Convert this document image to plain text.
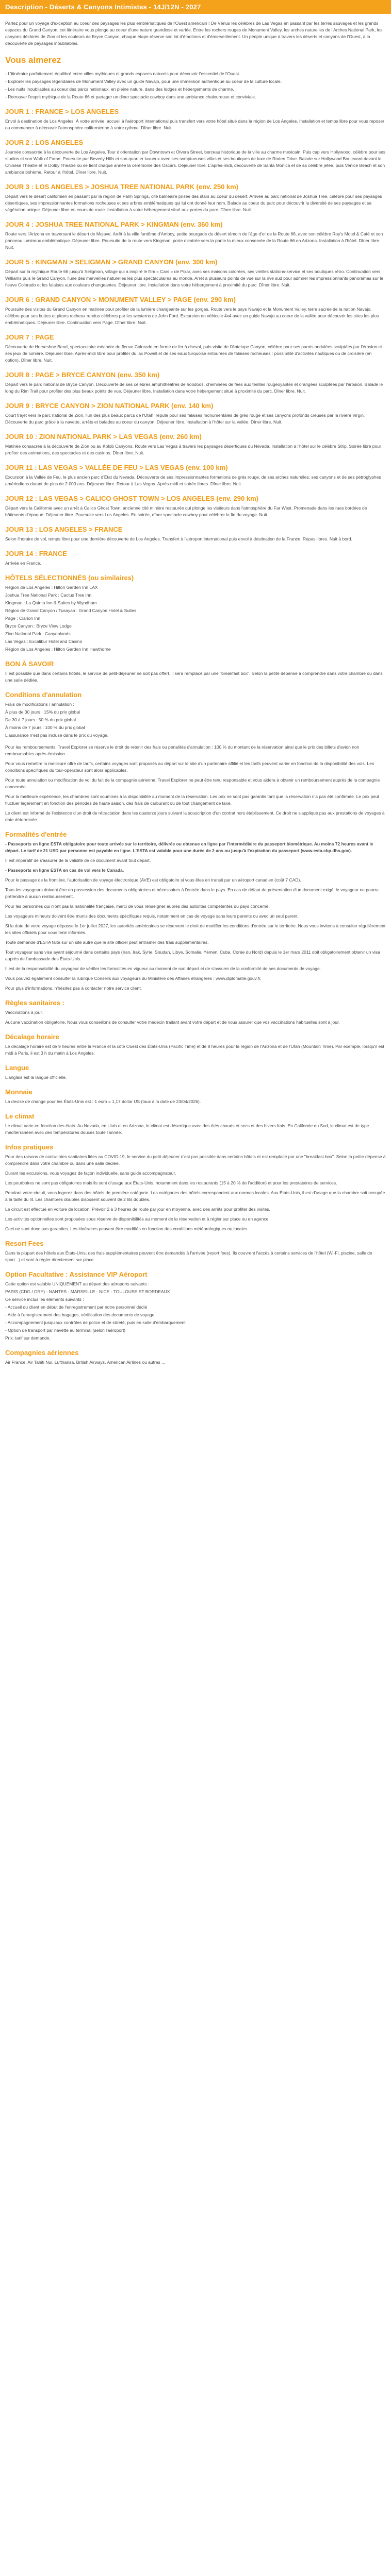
Description - Déserts & Canyons Intimistes - 14J/12N - 2027

Partez pour un voyage d'exception au coeur des paysages les plus emblématiques de l'Ouest américain ! De Vénus les célèbres de Las Vegas en passant par les terres sauvages et les grands espaces du Grand Canyon, cet itinéraire vous plonge au coeur d'une nature grandiose et variée. Entre les rochers rouges de Monument Valley, les arches naturelles de l'Arches National Park, les canyons déchirés de Zion et les couleurs de Bryce Canyon, chaque étape réserve son lot d'émotions et d'émerveillement. Un périple unique à travers les déserts et canyons de l'Ouest, à la découverte de paysages inoubliables.

Vous aimerez

- L'itinéraire parfaitement équilibré entre villes mythiques et grands espaces naturels pour découvrir l'essentiel de l'Ouest.

- Explorer les paysages légendaires de Monument Valley avec un guide Navajo, pour une immersion authentique au coeur de la culture locale.

- Les nuits inoubliables au coeur des parcs nationaux, en pleine nature, dans des lodges et hébergements de charme.

- Retrouver l'esprit mythique de la Route 66 et partager un diner spectacle cowboy dans une ambiance chaleureuse et conviviale.

JOUR 1 : FRANCE > LOS ANGELES

Envol à destination de Los Angeles. À votre arrivée, accueil à l'aéroport international puis transfert vers votre hôtel situé dans la région de Los Angeles. Installation et temps libre pour vous reposer ou commencer à découvrir l'atmosphère californienne à votre rythme. Dîner libre. Nuit.

JOUR 2 : LOS ANGELES

Journée consacrée à la découverte de Los Angeles. Tour d'orientation par Downtown et Olvera Street, berceau historique de la ville au charme mexicain. Puis cap vers Hollywood, célèbre pour ses studios et son Walk of Fame. Poursuite par Beverly Hills et son quartier luxueux avec ses somptueuses villas et ses boutiques de luxe de Rodeo Drive. Balade sur Hollywood Boulevard devant le Chinese Theatre et le Dolby Theatre où se tient chaque année la cérémonie des Oscars. Déjeuner libre. L'après-midi, découverte de Santa Monica et de sa célèbre jetée, puis Venice Beach et son ambiance bohème. Retour à l'hôtel. Dîner libre. Nuit.

JOUR 3 : LOS ANGELES > JOSHUA TREE NATIONAL PARK (env. 250 km)

Départ vers le désert californien en passant par la région de Palm Springs, cité balnéaire prisée des stars au coeur du désert. Arrivée au parc national de Joshua Tree, célèbre pour ses paysages désertiques, ses impressionnantes formations rocheuses et ses arbres emblématiques qui lui ont donné leur nom. Balade au coeur du parc pour découvrir la diversité de ses paysages et sa végétation unique. Déjeuner libre en cours de route. Installation à votre hébergement situé aux portes du parc. Dîner libre. Nuit.

JOUR 4 : JOSHUA TREE NATIONAL PARK > KINGMAN (env. 360 km)

Route vers l'Arizona en traversant le désert de Mojave. Arrêt à la ville fantôme d'Amboy, petite bourgade du désert témoin de l'âge d'or de la Route 66, avec son célèbre Roy's Motel & Café et son panneau lumineux emblématique. Déjeuner libre. Poursuite de la route vers Kingman, porte d'entrée vers la partie la mieux conservée de la Route 66 en Arizona. Installation à l'hôtel. Dîner libre. Nuit.

JOUR 5 : KINGMAN > SELIGMAN > GRAND CANYON (env. 300 km)

Départ sur la mythique Route 66 jusqu'à Seligman, village qui a inspiré le film « Cars » de Pixar, avec ses maisons colorées, ses vieilles stations-service et ses boutiques rétro. Continuation vers Williams puis le Grand Canyon, l'une des merveilles naturelles les plus spectaculaires au monde. Arrêt à plusieurs points de vue sur la rive sud pour admirer les impressionnants panoramas sur le fleuve Colorado et les falaises aux couleurs changeantes. Déjeuner libre. Installation dans votre hébergement à proximité du parc. Dîner libre. Nuit.

JOUR 6 : GRAND CANYON > MONUMENT VALLEY > PAGE (env. 290 km)

Poursuite des visites du Grand Canyon en matinée pour profiter de la lumière changeante sur les gorges. Route vers le pays Navajo et la Monument Valley, terre sacrée de la nation Navajo, célèbre pour ses buttes et pitons rocheux rendus célèbres par les westerns de John Ford. Excursion en véhicule 4x4 avec un guide Navajo au coeur de la vallée pour découvrir les sites les plus emblématiques. Déjeuner libre. Continuation vers Page. Dîner libre. Nuit.

JOUR 7 : PAGE

Découverte de Horseshoe Bend, spectaculaire méandre du fleuve Colorado en forme de fer à cheval, puis visite de l'Antelope Canyon, célèbre pour ses parois ondulées sculptées par l'érosion et ses jeux de lumière. Déjeuner libre. Après-midi libre pour profiter du lac Powell et de ses eaux turquoise entourées de falaises rocheuses : possibilité d'activités nautiques ou de croisière (en option). Dîner libre. Nuit.

JOUR 8 : PAGE > BRYCE CANYON (env. 350 km)

Départ vers le parc national de Bryce Canyon. Découverte de ses célèbres amphithéâtres de hoodoos, cheminées de fées aux teintes rougeoyantes et orangées sculptées par l'érosion. Balade le long du Rim Trail pour profiter des plus beaux points de vue. Déjeuner libre. Installation dans votre hébergement situé à proximité du parc. Dîner libre. Nuit.

JOUR 9 : BRYCE CANYON > ZION NATIONAL PARK (env. 140 km)

Court trajet vers le parc national de Zion, l'un des plus beaux parcs de l'Utah, réputé pour ses falaises monumentales de grès rouge et ses canyons profonds creusés par la rivière Virgin. Découverte du parc grâce à la navette, arrêts et balades au coeur du canyon. Déjeuner libre. Installation à l'hôtel sur la vallée. Dîner libre. Nuit.

JOUR 10 : ZION NATIONAL PARK > LAS VEGAS (env. 260 km)

Matinée consacrée à la découverte de Zion ou au Kolob Canyons. Route vers Las Vegas à travers les paysages désertiques du Nevada. Installation à l'hôtel sur le célèbre Strip. Soirée libre pour profiter des animations, des spectacles et des casinos. Dîner libre. Nuit.

JOUR 11 : LAS VEGAS > VALLÉE DE FEU > LAS VEGAS (env. 100 km)

Excursion à la Vallée de Feu, le plus ancien parc d'État du Nevada. Découverte de ses impressionnantes formations de grès rouge, de ses arches naturelles, ses canyons et de ses pétroglyphes amérindiens datant de plus de 2 000 ans. Déjeuner libre. Retour à Las Vegas. Après-midi et soirée libres. Dîner libre. Nuit.

JOUR 12 : LAS VEGAS > CALICO GHOST TOWN > LOS ANGELES (env. 290 km)

Départ vers la Californie avec un arrêt à Calico Ghost Town, ancienne cité minière restaurée qui plonge les visiteurs dans l'atmosphère du Far West. Promenade dans les rues bordées de bâtiments d'époque. Déjeuner libre. Poursuite vers Los Angeles. En soirée, dîner spectacle cowboy pour célébrer la fin du voyage. Nuit.

JOUR 13 : LOS ANGELES > FRANCE

Selon l'horaire de vol, temps libre pour une dernière découverte de Los Angeles. Transfert à l'aéroport international puis envol à destination de la France. Repas libres. Nuit à bord.

JOUR 14 : FRANCE

Arrivée en France.

HÔTELS SÉLECTIONNÉS (ou similaires)

Région de Los Angeles : Hilton Garden Inn LAX

Joshua Tree National Park : Cactus Tree Inn

Kingman : La Quinta Inn & Suites by Wyndham

Région de Grand Canyon / Tusayan : Grand Canyon Hotel & Suites

Page : Clarion Inn

Bryce Canyon : Bryce View Lodge

Zion National Park : Canyonlands

Las Vegas : Excalibur Hotel and Casino

Région de Los Angeles : Hilton Garden Inn Hawthorne

BON À SAVOIR

Il est possible que dans certains hôtels, le service de petit-déjeuner ne soit pas offert, il sera remplacé par une "breakfast box". Selon la petite dépense à comprendre dans votre chambre ou dans une salle dédiée.

Conditions d'annulation

Frais de modifications / annulation :

À plus de 30 jours : 15% du prix global

De 30 à 7 jours : 50 % du prix global

À moins de 7 jours : 100 % du prix global

L'assurance n'est pas incluse dans le prix du voyage.

Pour les remboursements, Travel Explorer se réserve le droit de retenir des frais ou pénalités d'annulation : 100 % du montant de la réservation ainsi que le prix des billets d'avion non remboursables après émission.

Pour vous remettre la meilleure offre de tarifs, certains voyages sont proposés au départ sur le site d'un partenaire affilié et les tarifs peuvent varier en fonction de la disponibilité des vols. Les conditions spécifiques du tour-opérateur sont alors applicables.

Pour toute annulation ou modification de vol du fait de la compagnie aérienne, Travel Explorer ne peut être tenu responsable et vous aidera à obtenir un remboursement auprès de la compagnie concernée.

Pour la meilleure expérience, les chambres sont soumises à la disponibilité au moment de la réservation. Les prix ne sont pas garantis tant que la réservation n'a pas été confirmée. Le prix peut fluctuer légèrement en fonction des périodes de haute saison, des frais de carburant ou de tout changement de taxe.

Le client est informé de l'existence d'un droit de rétractation dans les quatorze jours suivant la souscription d'un contrat hors établissement. Ce droit ne s'applique pas aux prestations de voyages à date déterminée.

Formalités d'entrée

- Passeports en ligne ESTA obligatoire pour toute arrivée sur le territoire, délivrée ou obtenue en ligne par l'intermédiaire du passeport biométrique. Au moins 72 heures avant le départ. Le tarif de 21 USD par personne est payable en ligne. L'ESTA est valable pour une durée de 2 ans ou jusqu'à l'expiration du passeport (www.esta.cbp.dhs.gov).

Il est impératif de s'assurer de la validité de ce document avant tout départ.

- Passeports en ligne ESTA en cas de vol vers le Canada.

Pour le passage de la frontière, l'autorisation de voyage électronique (AVE) est obligatoire si vous êtes en transit par un aéroport canadien (coût 7 CAD).

Tous les voyageurs doivent être en possession des documents obligatoires et nécessaires à l'entrée dans le pays. En cas de défaut de présentation d'un document exigé, le voyageur ne pourra prétendre à aucun remboursement.

Pour les personnes qui n'ont pas la nationalité française, merci de vous renseigner auprès des autorités compétentes du pays concerné.

Les voyageurs mineurs doivent être munis des documents spécifiques requis, notamment en cas de voyage sans leurs parents ou avec un seul parent.

Si la date de votre voyage dépasse le 1er juillet 2027, les autorités américaines se réservent le droit de modifier les conditions d'entrée sur le territoire. Nous vous invitons à consulter régulièrement les sites officiels pour vous tenir informés.

Toute demande d'ESTA faite sur un site autre que le site officiel peut entraîner des frais supplémentaires.

Tout voyageur sans visa ayant séjourné dans certains pays (Iran, Irak, Syrie, Soudan, Libye, Somalie, Yémen, Cuba, Corée du Nord) depuis le 1er mars 2011 doit obligatoirement obtenir un visa auprès de l'ambassade des États-Unis.

Il est de la responsabilité du voyageur de vérifier les formalités en vigueur au moment de son départ et de s'assurer de la conformité de ses documents de voyage.

Vous pouvez également consulter la rubrique Conseils aux voyageurs du Ministère des Affaires étrangères : www.diplomatie.gouv.fr.

Pour plus d'informations, n'hésitez pas à contacter notre service client.

Règles sanitaires :

Vaccinations à jour.

Aucune vaccination obligatoire. Nous vous conseillons de consulter votre médecin traitant avant votre départ et de vous assurer que vos vaccinations habituelles sont à jour.

Décalage horaire

Le décalage horaire est de 9 heures entre la France et la côte Ouest des États-Unis (Pacific Time) et de 8 heures pour la région de l'Arizona et de l'Utah (Mountain Time). Par exemple, lorsqu'il est midi à Paris, il est 3 h du matin à Los Angeles.

Langue

L'anglais est la langue officielle.

Monnaie

La devise de change pour les États-Unis est : 1 euro = 1,17 dollar US (taux à la date de 23/04/2026).

Le climat

Le climat varie en fonction des états. Au Nevada, en Utah et en Arizona, le climat est désertique avec des étés chauds et secs et des hivers frais. En Californie du Sud, le climat est de type méditerranéen avec des températures douces toute l'année.

Infos pratiques

Pour des raisons de contraintes sanitaires liées au COVID-19, le service du petit-déjeuner n'est pas possible dans certains hôtels et est remplacé par une "breakfast box". Selon la petite dépense à comprendre dans votre chambre ou dans une salle dédiée.

Durant les excursions, vous voyagez de façon individuelle, sans guide accompagnateur.

Les pourboires ne sont pas obligatoires mais ils sont d'usage aux États-Unis, notamment dans les restaurants (15 à 20 % de l'addition) et pour les prestataires de services.

Pendant votre circuit, vous logerez dans des hôtels de première catégorie. Les catégories des hôtels correspondent aux normes locales. Aux États-Unis, il est d'usage que la chambre soit occupée à la taille du lit. Les chambres doubles disposent souvent de 2 lits doubles.

Le circuit est effectué en voiture de location. Prévoir 2 à 3 heures de route par jour en moyenne, avec des arrêts pour profiter des visites.

Les activités optionnelles sont proposées sous réserve de disponibilités au moment de la réservation et à régler sur place ou en agence.

Ceci ne sont donc pas garanties. Les itinéraires peuvent être modifiés en fonction des conditions météorologiques ou locales.

Resort Fees

Dans la plupart des hôtels aux États-Unis, des frais supplémentaires peuvent être demandés à l'arrivée (resort fees). Ils couvrent l'accès à certains services de l'hôtel (Wi-Fi, piscine, salle de sport...) et sont à régler directement sur place.

Option Facultative : Assistance VIP Aéroport

Cette option est valable UNIQUEMENT au départ des aéroports suivants :

PARIS (CDG / ORY) - NANTES - MARSEILLE - NICE - TOULOUSE ET BORDEAUX

Ce service inclus les éléments suivants :

- Accueil du client en début de l'enregistrement par notre personnel dédié

- Aide à l'enregistrement des bagages, vérification des documents de voyage

- Accompagnement jusqu'aux contrôles de police et de sûreté, puis en salle d'embarquement

- Option de transport par navette au terminal (selon l'aéroport)

Prix: tarif sur demande.

Compagnies aériennes

Air France, Air Tahiti Nui, Lufthansa, British Airways, American Airlines ou autres ...
